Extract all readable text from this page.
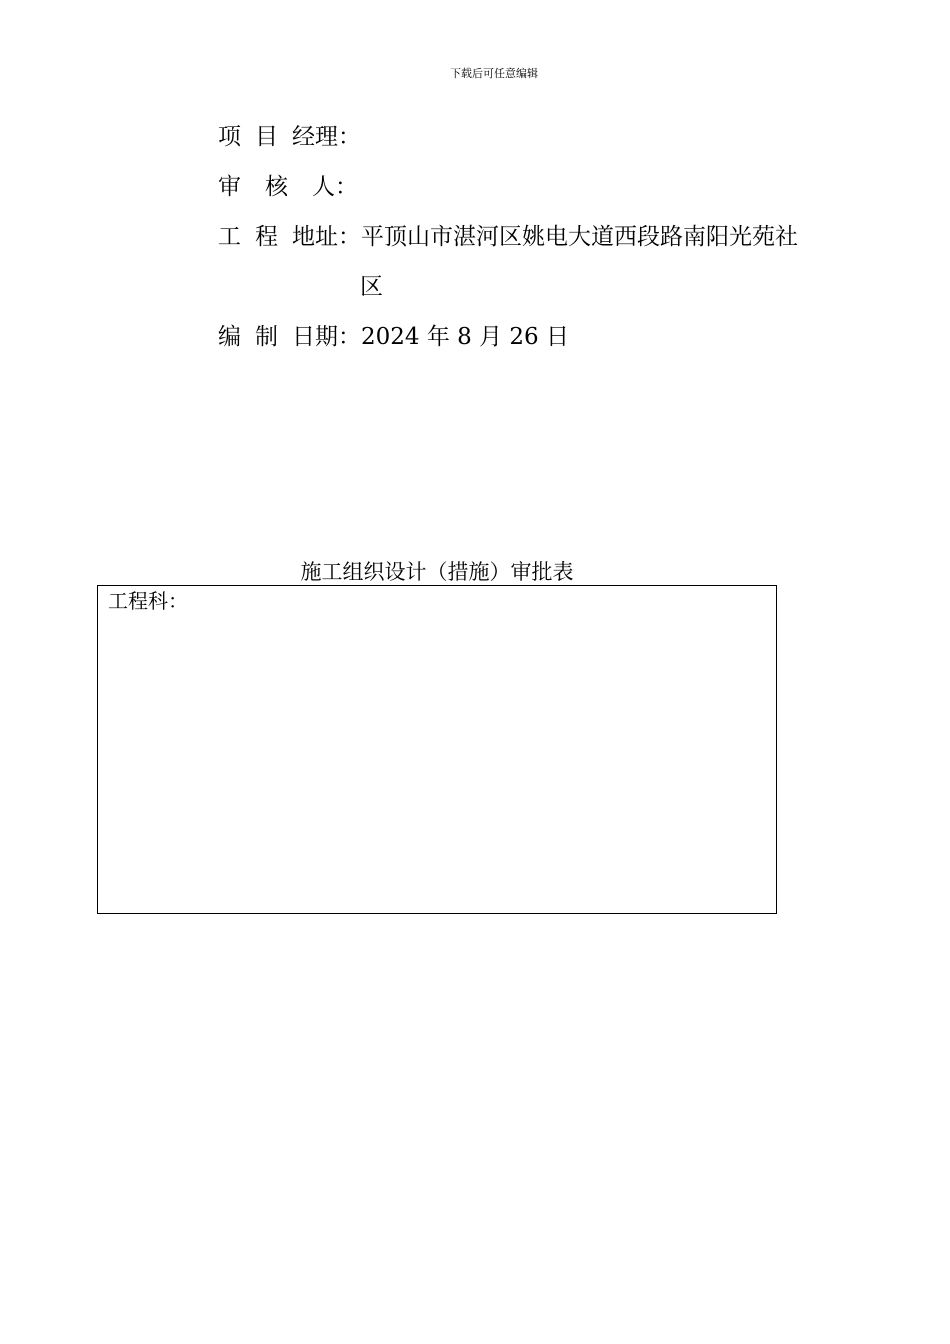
下载后可任意编辑
项 目 经理：
审 核 人：
工 程 地址：平顶山市湛河区姚电大道西段路南阳光苑社
区
编 制 日期：2024 年 8 月 26 日
施工组织设计（措施）审批表
工程科：
